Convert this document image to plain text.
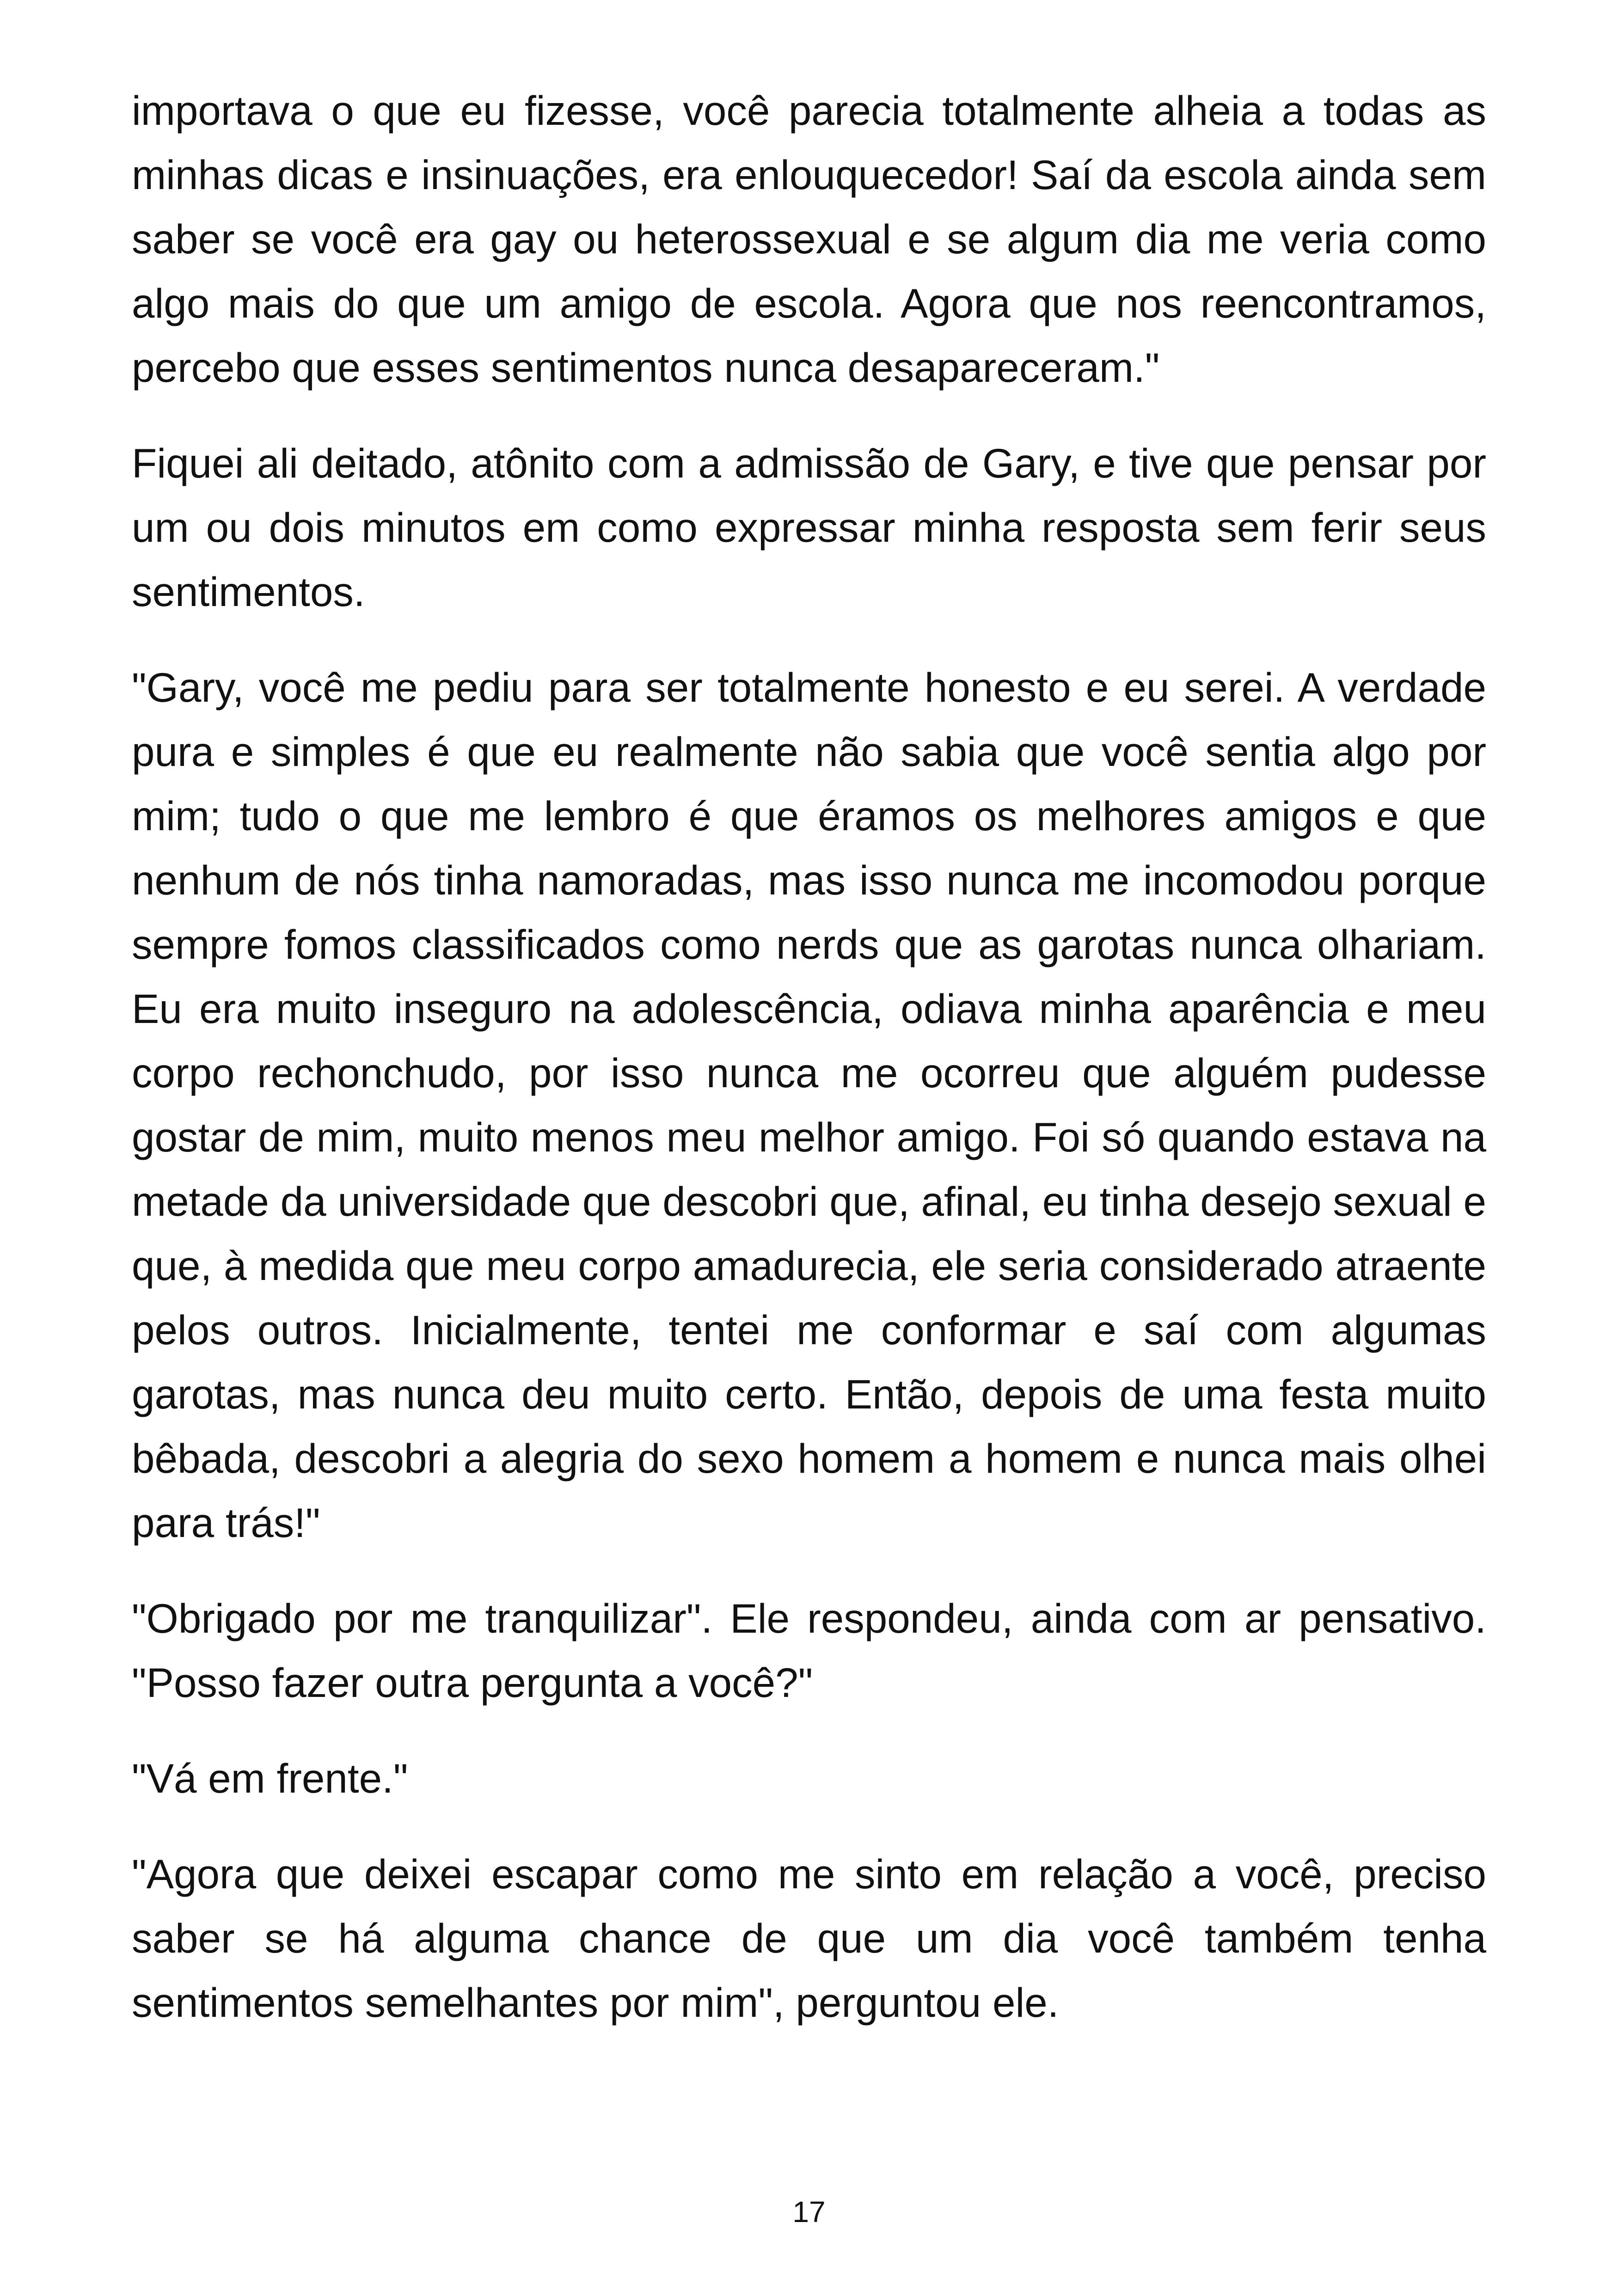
importava o que eu fizesse, você parecia totalmente alheia a todas as minhas dicas e insinuações, era enlouquecedor! Saí da escola ainda sem saber se você era gay ou heterossexual e se algum dia me veria como algo mais do que um amigo de escola. Agora que nos reencontramos, percebo que esses sentimentos nunca desapareceram."

Fiquei ali deitado, atônito com a admissão de Gary, e tive que pensar por um ou dois minutos em como expressar minha resposta sem ferir seus sentimentos.

"Gary, você me pediu para ser totalmente honesto e eu serei. A verdade pura e simples é que eu realmente não sabia que você sentia algo por mim; tudo o que me lembro é que éramos os melhores amigos e que nenhum de nós tinha namoradas, mas isso nunca me incomodou porque sempre fomos classificados como nerds que as garotas nunca olhariam. Eu era muito inseguro na adolescência, odiava minha aparência e meu corpo rechonchudo, por isso nunca me ocorreu que alguém pudesse gostar de mim, muito menos meu melhor amigo. Foi só quando estava na metade da universidade que descobri que, afinal, eu tinha desejo sexual e que, à medida que meu corpo amadurecia, ele seria considerado atraente pelos outros. Inicialmente, tentei me conformar e saí com algumas garotas, mas nunca deu muito certo. Então, depois de uma festa muito bêbada, descobri a alegria do sexo homem a homem e nunca mais olhei para trás!"

"Obrigado por me tranquilizar". Ele respondeu, ainda com ar pensativo. "Posso fazer outra pergunta a você?"

"Vá em frente."

"Agora que deixei escapar como me sinto em relação a você, preciso saber se há alguma chance de que um dia você também tenha sentimentos semelhantes por mim", perguntou ele.

17
